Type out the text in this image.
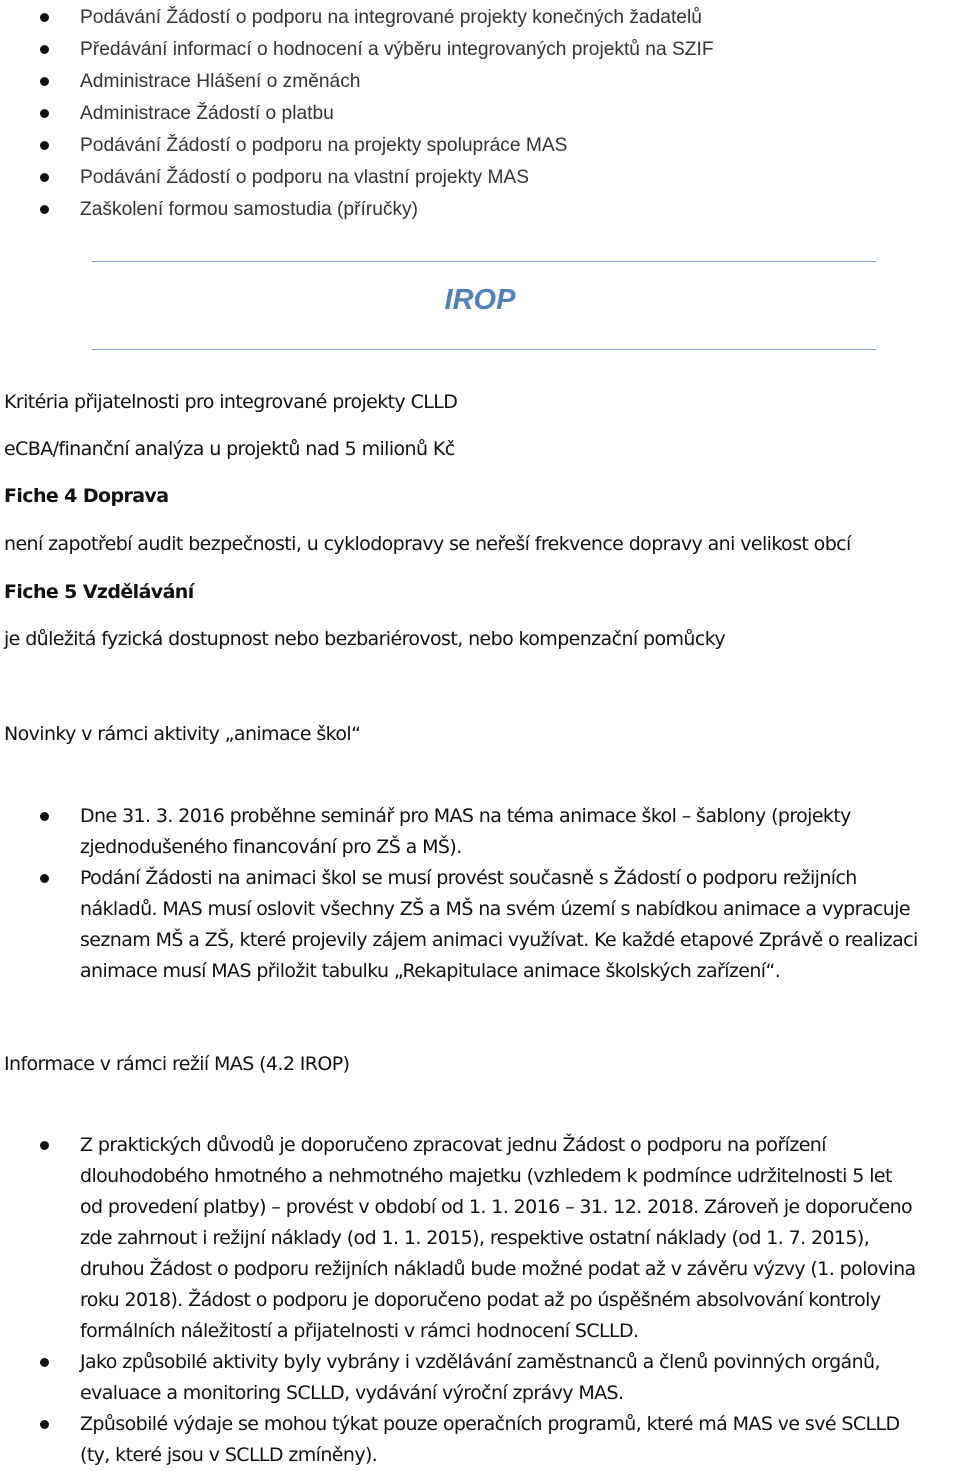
Podávání Žádostí o podporu na integrované projekty konečných žadatelů
Předávání informací o hodnocení a výběru integrovaných projektů na SZIF
Administrace Hlášení o změnách
Administrace Žádostí o platbu
Podávání Žádostí o podporu na projekty spolupráce MAS
Podávání Žádostí o podporu na vlastní projekty MAS
Zaškolení formou samostudia (příručky)
IROP
Kritéria přijatelnosti pro integrované projekty CLLD
eCBA/finanční analýza u projektů nad 5 milionů Kč
Fiche 4 Doprava
není zapotřebí audit bezpečnosti, u cyklodopravy se neřeší frekvence dopravy ani velikost obcí
Fiche 5 Vzdělávání
je důležitá fyzická dostupnost nebo bezbariérovost, nebo kompenzační pomůcky
Novinky v rámci aktivity „animace škol“
Dne 31. 3. 2016 proběhne seminář pro MAS na téma animace škol – šablony (projekty
zjednodušeného financování pro ZŠ a MŠ).
Podání Žádosti na animaci škol se musí provést současně s Žádostí o podporu režijních
nákladů. MAS musí oslovit všechny ZŠ a MŠ na svém území s nabídkou animace a vypracuje
seznam MŠ a ZŠ, které projevily zájem animaci využívat. Ke každé etapové Zprávě o realizaci
animace musí MAS přiložit tabulku „Rekapitulace animace školských zařízení“.
Informace v rámci režií MAS (4.2 IROP)
Z praktických důvodů je doporučeno zpracovat jednu Žádost o podporu na pořízení
dlouhodobého hmotného a nehmotného majetku (vzhledem k podmínce udržitelnosti 5 let
od provedení platby) – provést v období od 1. 1. 2016 – 31. 12. 2018. Zároveň je doporučeno
zde zahrnout i režijní náklady (od 1. 1. 2015), respektive ostatní náklady (od 1. 7. 2015),
druhou Žádost o podporu režijních nákladů bude možné podat až v závěru výzvy (1. polovina
roku 2018). Žádost o podporu je doporučeno podat až po úspěšném absolvování kontroly
formálních náležitostí a přijatelnosti v rámci hodnocení SCLLD.
Jako způsobilé aktivity byly vybrány i vzdělávání zaměstnanců a členů povinných orgánů,
evaluace a monitoring SCLLD, vydávání výroční zprávy MAS.
Způsobilé výdaje se mohou týkat pouze operačních programů, které má MAS ve své SCLLD
(ty, které jsou v SCLLD zmíněny).
